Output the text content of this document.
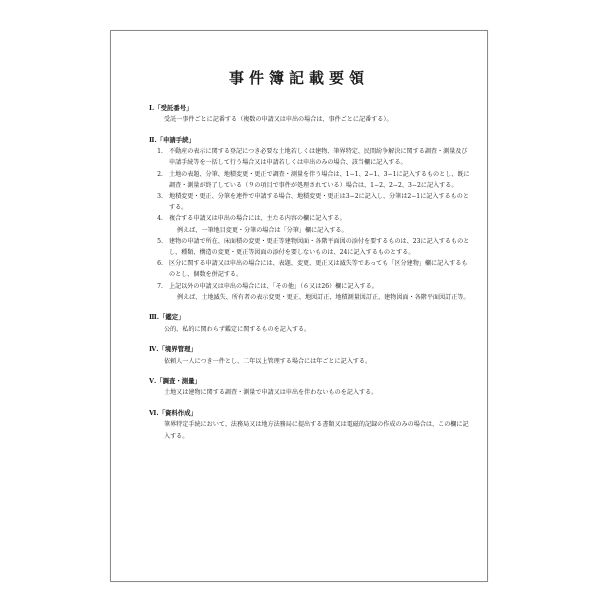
事件簿記載要領
Ⅰ.「受託番号」
受託一事件ごとに記番する（複数の申請又は申出の場合は、事件ごとに記番する）。
Ⅱ.「申請手続」
1. 不動産の表示に関する登記につき必要な土地若しくは建物、筆界特定、民間紛争解決に関する調査・測量及び申請手続等を一括して行う場合又は申請若しくは申出のみの場合、該当欄に記入する。
2. 土地の表題、分筆、地積変更・更正で調査・測量を伴う場合は、1−1、2−1、3−1に記入するものとし、既に調査・測量が終了している（９の項目で事件が処理されている）場合は、1−2、2−2、3−2に記入する。
3. 地積変更・更正、分筆を連件で申請する場合、地積変更・更正は3−2に記入し、分筆は2−1に記入するものとする。
4. 複合する申請又は申出の場合には、主たる内容の欄に記入する。
例えば、一筆地目変更・分筆の場合は「分筆」欄に記入する。
5. 建物の申請で所在、床面積の変更・更正等建物図面・各階平面図の添付を要するものは、23に記入するものとし、種類、構造の変更・更正等図面の添付を要しないものは、24に記入するものとする。
6. 区分に関する申請又は申出の場合には、表題、変更、更正又は滅失等であっても「区分建物」欄に記入するものとし、個数を併記する。
7. 上記以外の申請又は申出の場合には、「その他」（６又は26）欄に記入する。
例えば、土地滅失、所有者の表示変更・更正、地図訂正、地積測量図訂正、建物図面・各階平面図訂正等。
Ⅲ.「鑑定」
公的、私的に関わらず鑑定に関するものを記入する。
Ⅳ.「境界管理」
依頼人一人につき一件とし、二年以上管理する場合には年ごとに記入する。
Ⅴ.「調査・測量」
土地又は建物に関する調査・測量で申請又は申出を伴わないものを記入する。
Ⅵ.「資料作成」
筆界特定手続において、法務局又は地方法務局に提出する書類又は電磁的記録の作成のみの場合は、この欄に記入する。
